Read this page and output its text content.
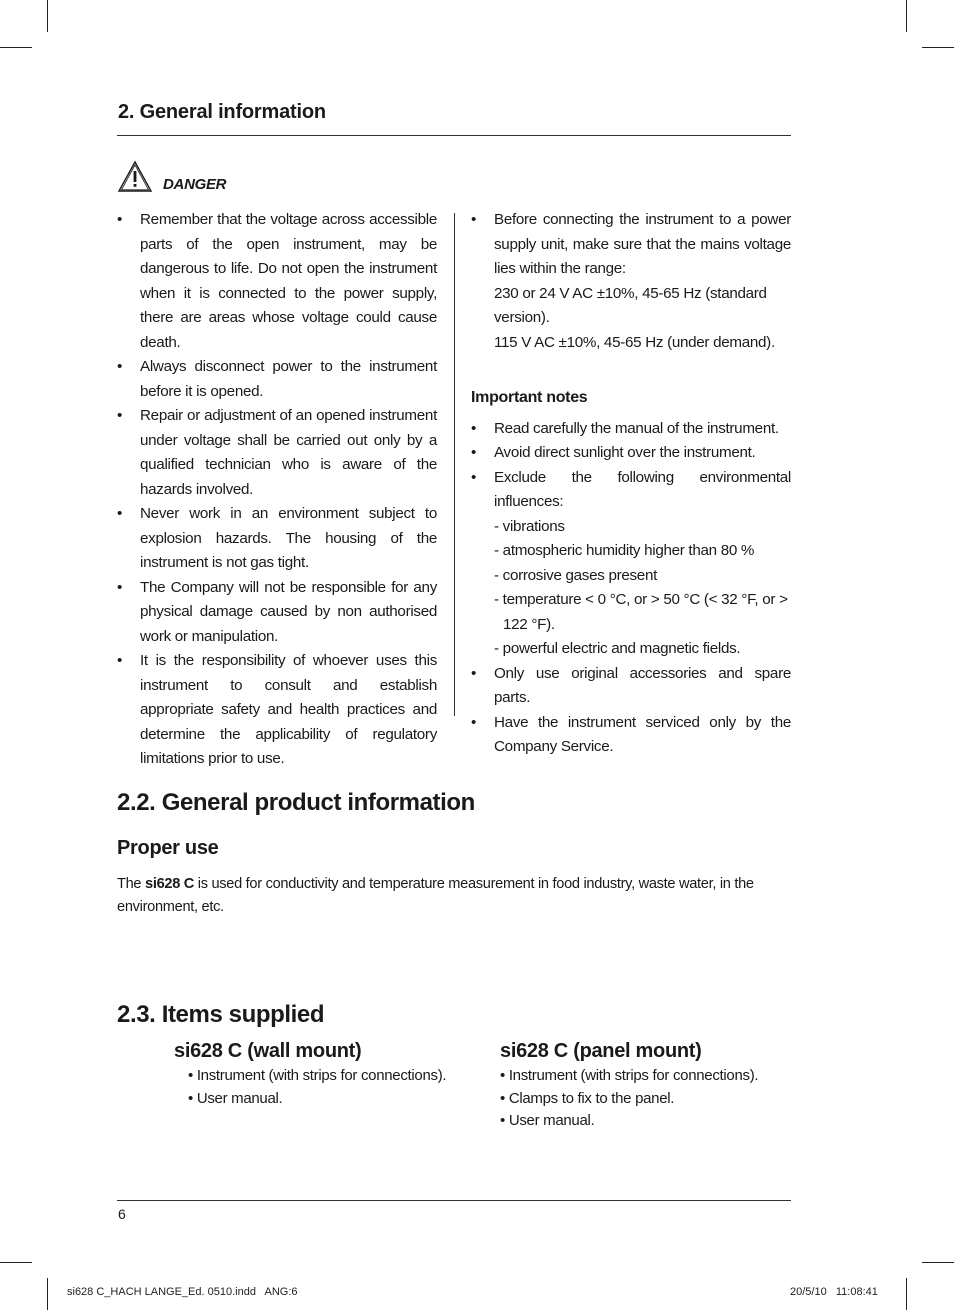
2. General information
DANGER
• Remember that the voltage across accessible parts of the open instrument, may be dangerous to life. Do not open the instrument when it is connected to the power supply, there are areas whose voltage could cause death.
• Always disconnect power to the instrument before it is opened.
• Repair or adjustment of an opened instrument under voltage shall be carried out only by a qualified technician who is aware of the hazards involved.
• Never work in an environment subject to explosion hazards. The housing of the instrument is not gas tight.
• The Company will not be responsible for any physical damage caused by non authorised work or manipulation.
• It is the responsibility of whoever uses this instrument to consult and establish appropriate safety and health practices and determine the applicability of regulatory limitations prior to use.
• Before connecting the instrument to a power supply unit, make sure that the mains voltage lies within the range:
230 or 24 V AC ±10%, 45-65 Hz (standard version).
115 V AC ±10%, 45-65 Hz (under demand).
Important notes
• Read carefully the manual of the instrument.
• Avoid direct sunlight over the instrument.
• Exclude the following environmental influences:
- vibrations
- atmospheric humidity higher than 80 %
- corrosive gases present
- temperature < 0 °C, or > 50 °C (< 32 °F, or > 122 °F).
- powerful electric and magnetic fields.
• Only use original accessories and spare parts.
• Have the instrument serviced only by the Company Service.
2.2. General product information
Proper use
The si628 C is used for conductivity and temperature measurement in food industry, waste water, in the environment, etc.
2.3. Items supplied
si628 C (wall mount)
• Instrument (with strips for connections).
• User manual.
si628 C (panel mount)
• Instrument (with strips for connections).
• Clamps to fix to the panel.
• User manual.
6
si628 C_HACH LANGE_Ed. 0510.indd   ANG:6	20/5/10   11:08:41
